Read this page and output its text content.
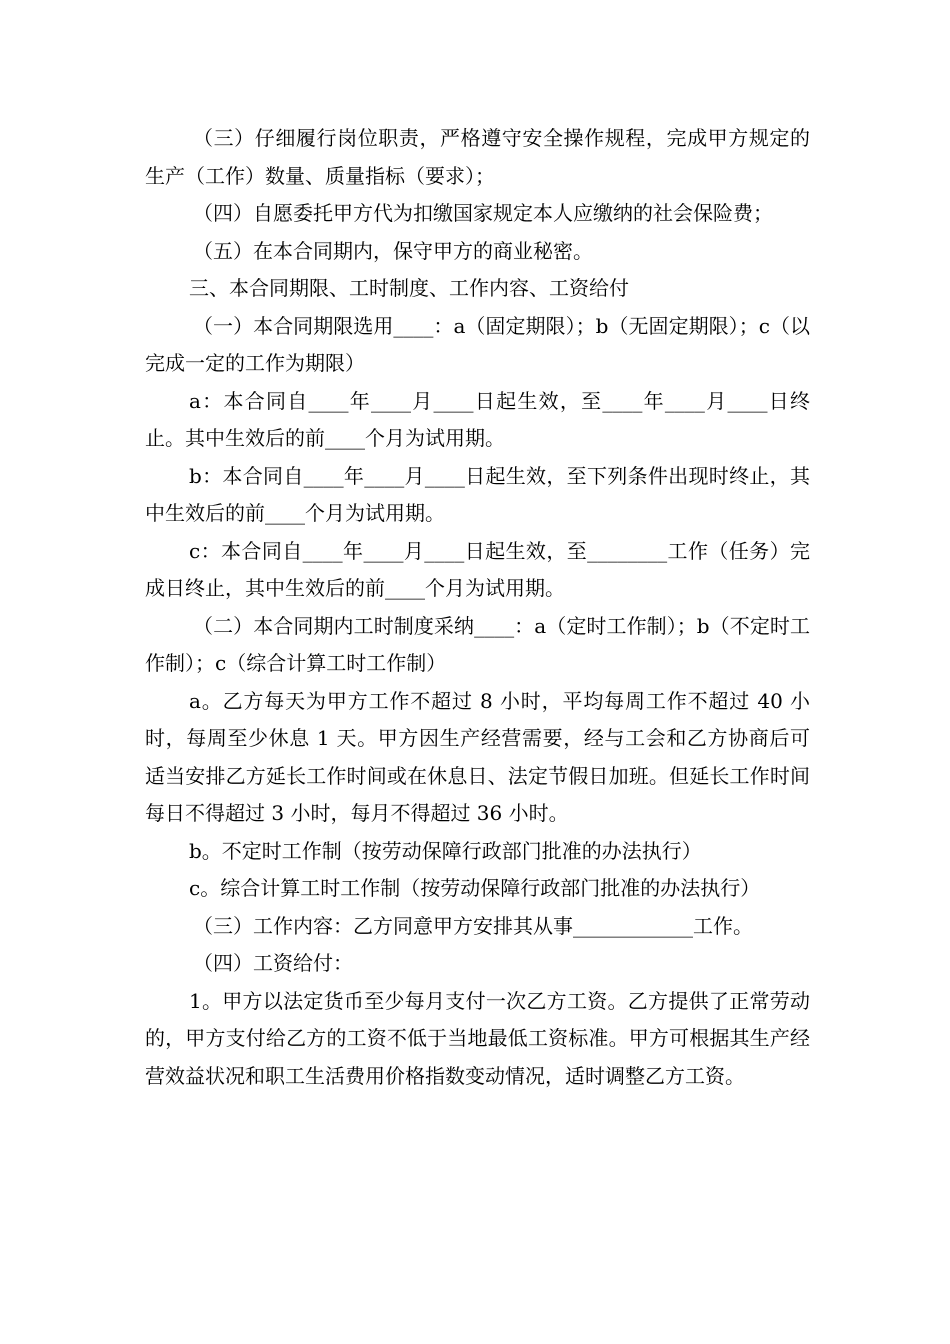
（三）仔细履行岗位职责，严格遵守安全操作规程，完成甲方规定的生产（工作）数量、质量指标（要求）；

（四）自愿委托甲方代为扣缴国家规定本人应缴纳的社会保险费；

（五）在本合同期内，保守甲方的商业秘密。

三、本合同期限、工时制度、工作内容、工资给付

（一）本合同期限选用____：a（固定期限）；b（无固定期限）；c（以完成一定的工作为期限）

a：本合同自____年____月____日起生效，至____年____月____日终止。其中生效后的前____个月为试用期。

b：本合同自____年____月____日起生效，至下列条件出现时终止，其中生效后的前____个月为试用期。

c：本合同自____年____月____日起生效，至________工作（任务）完成日终止，其中生效后的前____个月为试用期。

（二）本合同期内工时制度采纳____：a（定时工作制）；b（不定时工作制）；c（综合计算工时工作制）

a。乙方每天为甲方工作不超过 8 小时，平均每周工作不超过 40 小时，每周至少休息 1 天。甲方因生产经营需要，经与工会和乙方协商后可适当安排乙方延长工作时间或在休息日、法定节假日加班。但延长工作时间每日不得超过 3 小时，每月不得超过 36 小时。

b。不定时工作制（按劳动保障行政部门批准的办法执行）

c。综合计算工时工作制（按劳动保障行政部门批准的办法执行）

（三）工作内容：乙方同意甲方安排其从事____________工作。

（四）工资给付：

1。甲方以法定货币至少每月支付一次乙方工资。乙方提供了正常劳动的，甲方支付给乙方的工资不低于当地最低工资标准。甲方可根据其生产经营效益状况和职工生活费用价格指数变动情况，适时调整乙方工资。
